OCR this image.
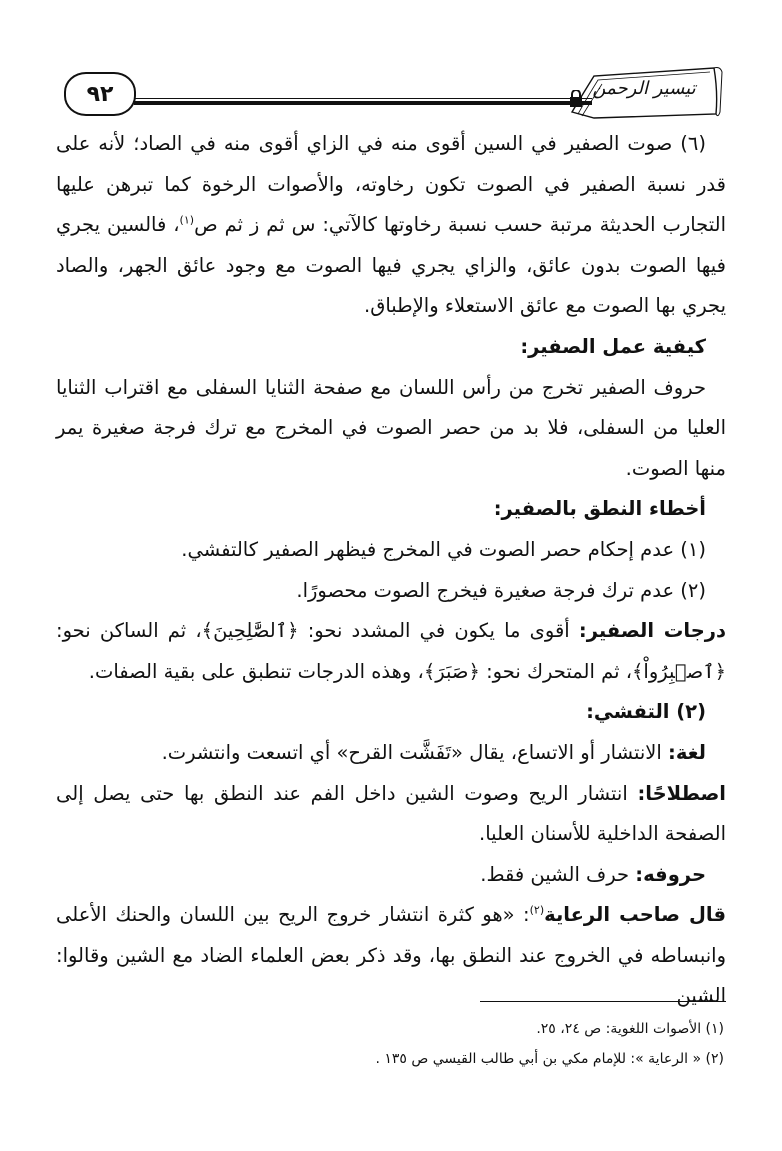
٩٢	تيسير الرحمن

(٦) صوت الصفير في السين أقوى منه في الزاي أقوى منه في الصاد؛ لأنه على قدر نسبة الصفير في الصوت تكون رخاوته، والأصوات الرخوة كما تبرهن عليها التجارب الحديثة مرتبة حسب نسبة رخاوتها كالآتي: س ثم ز ثم ص$^{(١)}$، فالسين يجري فيها الصوت بدون عائق، والزاي يجري فيها الصوت مع وجود عائق الجهر، والصاد يجري بها الصوت مع عائق الاستعلاء والإطباق.

كيفية عمل الصفير:

حروف الصفير تخرج من رأس اللسان مع صفحة الثنايا السفلى مع اقتراب الثنايا العليا من السفلى، فلا بد من حصر الصوت في المخرج مع ترك فرجة صغيرة يمر منها الصوت.

أخطاء النطق بالصفير:

(١) عدم إحكام حصر الصوت في المخرج فيظهر الصفير كالتفشي.

(٢) عدم ترك فرجة صغيرة فيخرج الصوت محصورًا.

درجات الصفير: أقوى ما يكون في المشدد نحو: ﴿ٱلصَّٰلِحِينَ﴾، ثم الساكن نحو: ﴿ٱصۡبِرُواْ﴾، ثم المتحرك نحو: ﴿صَبَرَ﴾، وهذه الدرجات تنطبق على بقية الصفات.

(٢) التفشي:

لغة: الانتشار أو الاتساع، يقال «تَفَشَّت القرح» أي اتسعت وانتشرت.

اصطلاحًا: انتشار الريح وصوت الشين داخل الفم عند النطق بها حتى يصل إلى الصفحة الداخلية للأسنان العليا.

حروفه: حرف الشين فقط.

قال صاحب الرعاية$^{(٢)}$: «هو كثرة انتشار خروج الريح بين اللسان والحنك الأعلى وانبساطه في الخروج عند النطق بها، وقد ذكر بعض العلماء الضاد مع الشين وقالوا: الشين

(١) الأصوات اللغوية: ص ٢٤، ٢٥.

(٢) « الرعاية »: للإمام مكي بن أبي طالب القيسي ص ١٣٥ .
